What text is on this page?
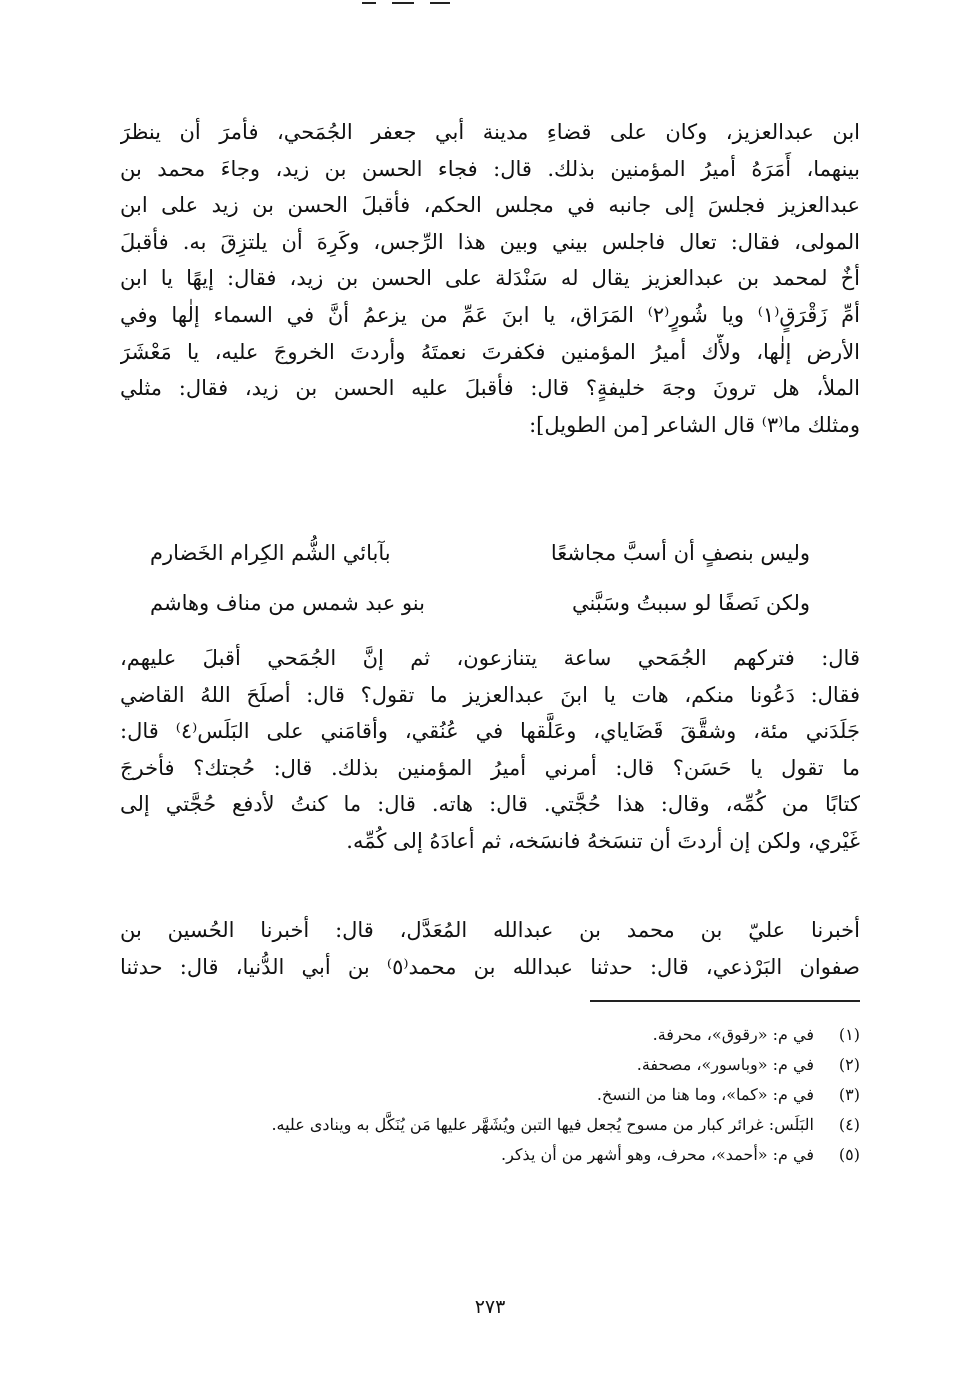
ابن عبدالعزيز، وكان على قضاءِ مدينة أبي جعفر الجُمَحي، فأمرَ أن ينظرَ
بينهما، أَمَرَهُ أميرُ المؤمنين بذلك. قال: فجاء الحسن بن زيد، وجاءَ محمد بن
عبدالعزيز فجلسَ إلى جانبه في مجلس الحكم، فأقبلَ الحسن بن زيد على ابن
المولى، فقال: تعال فاجلس بيني وبين هذا الرِّجس، وكَرِهَ أن يلتزِقَ به. فأقبلَ
أخٌ لمحمد بن عبدالعزيز يقال له سَنْدَلة على الحسن بن زيد، فقال: إيهًا يا ابن
أمِّ زَقْرَقٍ⁽١⁾ ويا شُورٍ⁽٢⁾ المَرَاق، يا ابنَ عَمِّ من يزعمُ أنَّ في السماء إلٰها وفي
الأرض إلٰها، ولأَّك أميرُ المؤمنين فكفرتَ نعمتَهُ وأردتَ الخروجَ عليه، يا مَعْشَرَ
الملأ، هل ترونَ وجهَ خليفةٍ؟ قال: فأقبلَ عليه الحسن بن زيد، فقال: مثلي
ومثلك ما⁽٣⁾ قال الشاعر [من الطويل]:
وليس بنصفٍ أن أسبَّ مجاشعًا
بآبائي الشُّم الكِرام الخَضارم
ولكن نَصفًا لو سببتُ وسَبَّني
بنو عبد شمس من مناف وهاشم
قال: فتركهم الجُمَحي ساعة يتنازعون، ثم إنَّ الجُمَحي أقبلَ عليهم،
فقال: دَعُونا منكم، هات يا ابنَ عبدالعزيز ما تقول؟ قال: أصلَحَ اللهُ القاضي
جَلَدَني مئة، وشقَّقَ قَضَاياي، وعَلَّقها في عُنُقي، وأقامَني على البَلَس⁽٤⁾ قال:
ما تقول يا حَسَن؟ قال: أمرني أميرُ المؤمنين بذلك. قال: حُجتك؟ فأخرجَ
كتابًا من كُمِّه، وقال: هذا حُجَّتي. قال: هاته. قال: ما كنتُ لأدفع حُجَّتي إلى
غَيْري، ولكن إن أردتَ أن تنسَخهُ فانسَخه، ثم أعادَهُ إلى كُمِّه.
أخبرنا عليّ بن محمد بن عبدالله المُعَدَّل، قال: أخبرنا الحُسين بن
صفوان البَرْذعي، قال: حدثنا عبدالله بن محمد⁽٥⁾ بن أبي الدُّنيا، قال: حدثنا
(١)
في م: «رقوق»، محرفة.
(٢)
في م: «وباسور»، مصحفة.
(٣)
في م: «كما»، وما هنا من النسخ.
(٤)
البَلَس: غرائر كبار من مسوح يُجعل فيها التبن ويُشَهَّر عليها مَن يُنَكَّل به وينادى عليه.
(٥)
في م: «أحمد»، محرف، وهو أشهر من أن يذكر.
٢٧٣
